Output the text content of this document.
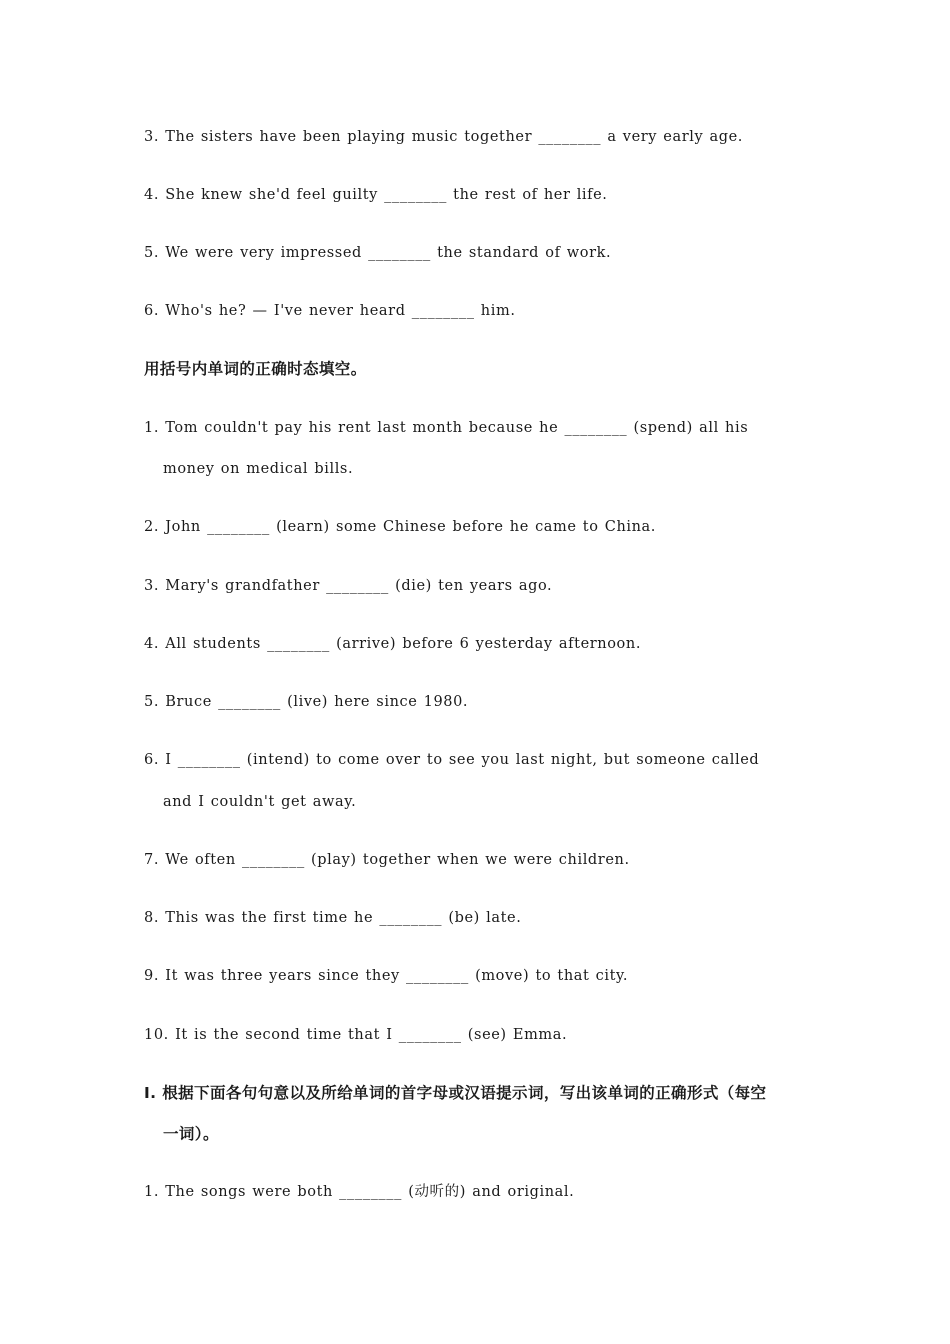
3. The sisters have been playing music together ________ a very early age.
4. She knew she'd feel guilty ________ the rest of her life.
5. We were very impressed ________ the standard of work.
6. Who's he? — I've never heard ________ him.
用括号内单词的正确时态填空。
1. Tom couldn't pay his rent last month because he ________ (spend) all his
money on medical bills.
2. John ________ (learn) some Chinese before he came to China.
3. Mary's grandfather ________ (die) ten years ago.
4. All students ________ (arrive) before 6 yesterday afternoon.
5. Bruce ________ (live) here since 1980.
6. I ________ (intend) to come over to see you last night, but someone called
and I couldn't get away.
7. We often ________ (play) together when we were children.
8. This was the first time he ________ (be) late.
9. It was three years since they ________ (move) to that city.
10. It is the second time that I ________ (see) Emma.
I. 根据下面各句句意以及所给单词的首字母或汉语提示词，写出该单词的正确形式（每空
一词）。
1. The songs were both ________ (动听的) and original.
